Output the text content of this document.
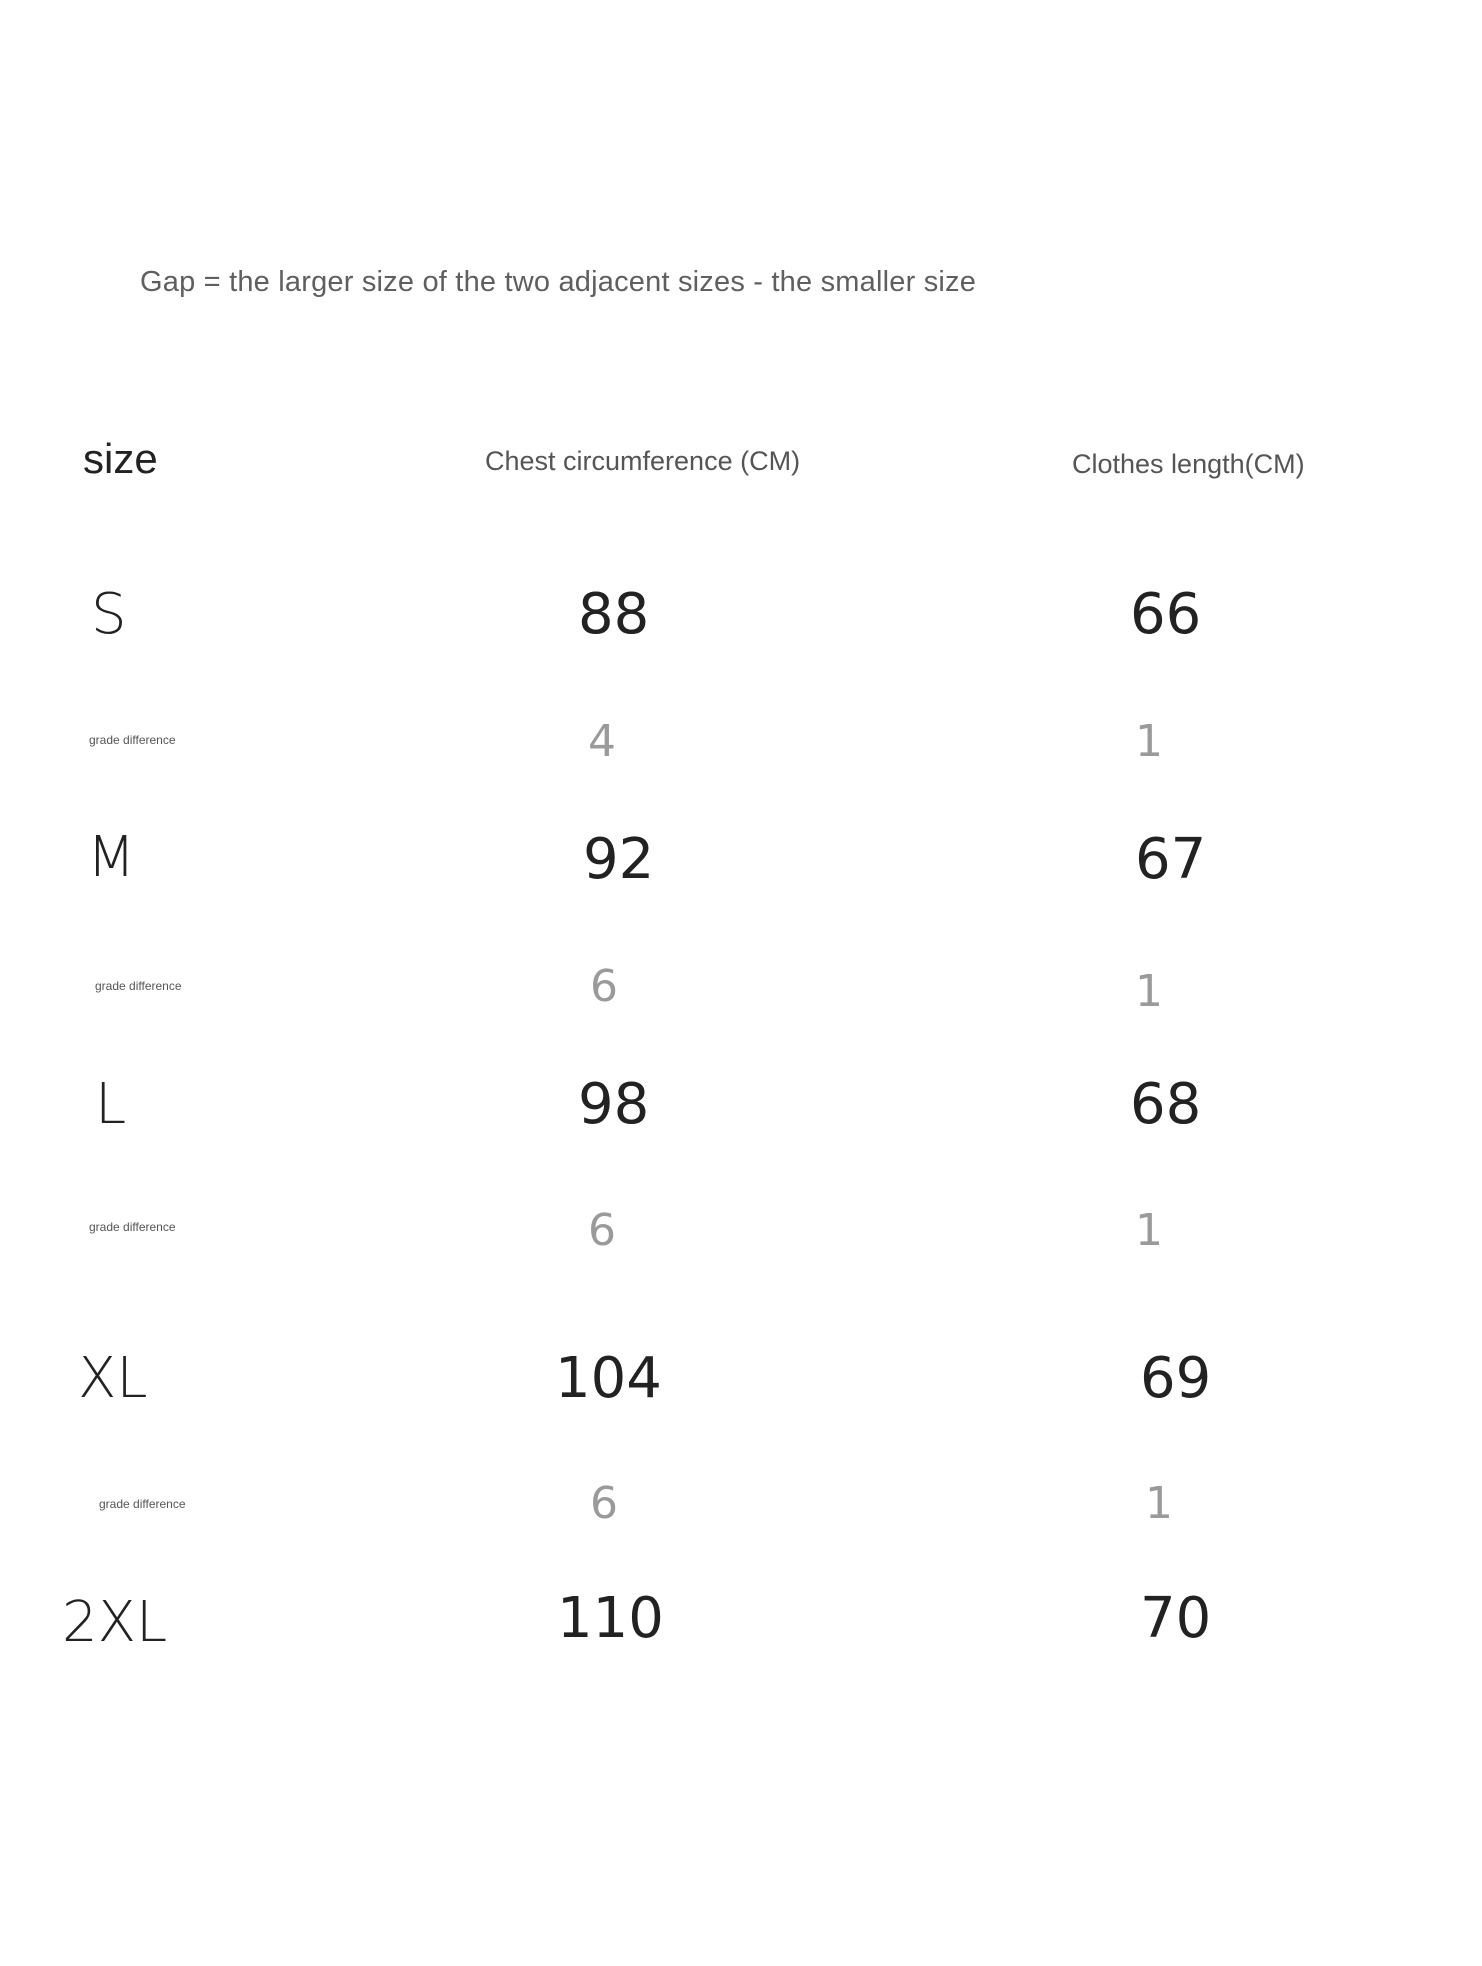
Gap = the larger size of the two adjacent sizes - the smaller size
size	Chest circumference (CM)	Clothes length(CM)
S	88	66
grade difference	4	1
M	92	67
grade difference	6	1
L	98	68
grade difference	6	1
XL	104	69
grade difference	6	1
2XL	110	70
